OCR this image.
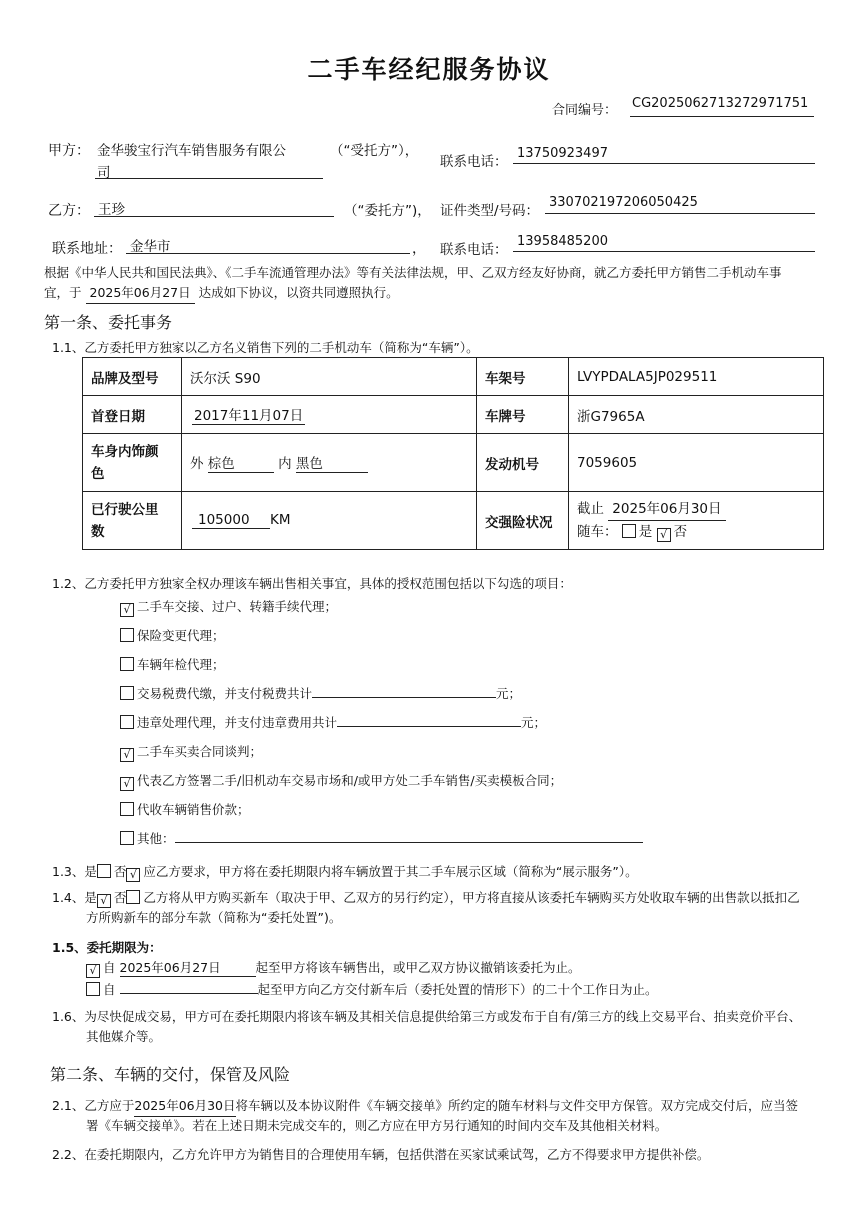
二手车经纪服务协议
合同编号： CG2025062713272971751
甲方： 金华骏宝行汽车销售服务有限公
司
（“受托方”），
联系电话：
13750923497
乙方： 王珍	（“委托方”)， 证件类型/号码：
330702197206050425
联系地址： 金华市	， 联系电话：
13958485200
根据《中华人民共和国民法典》、《二手车流通管理办法》等有关法律法规，甲、乙双方经友好协商，就乙方委托甲方销售二手机动车事
宜，于 2025年06月27日 达成如下协议，以资共同遵照执行。
第一条、委托事务
1.1、乙方委托甲方独家以乙方名义销售下列的二手机动车（简称为“车辆”）。
品牌及型号	沃尔沃 S90	车架号	LVYPDALA5JP029511
首登日期	2017年11月07日	车牌号	浙G7965A
车身内饰颜
色	外 棕色 内 黑色	发动机号	7059605
已行驶公里
数	105000 KM	交强险状况	截止 2025年06月30日
随车： 是 √ 否
1.2、乙方委托甲方独家全权办理该车辆出售相关事宜，具体的授权范围包括以下勾选的项目：
√ 二手车交接、过户、转籍手续代理；
保险变更代理；
车辆年检代理；
交易税费代缴，并支付税费共计	元；
违章处理代理，并支付违章费用共计	元；
√ 二手车买卖合同谈判；
√ 代表乙方签署二手/旧机动车交易市场和/或甲方处二手车销售/买卖模板合同；
代收车辆销售价款；
其他：
1.3、是 否 √ 应乙方要求，甲方将在委托期限内将车辆放置于其二手车展示区域（简称为“展示服务”）。
1.4、是 √ 否 乙方将从甲方购买新车（取决于甲、乙双方的另行约定），甲方将直接从该委托车辆购买方处收取车辆的出售款以抵扣乙
方所购新车的部分车款（简称为“委托处置”)。
1.5、委托期限为：
√ 自 2025年06月27日	起至甲方将该车辆售出，或甲乙双方协议撤销该委托为止。
自	起至甲方向乙方交付新车后（委托处置的情形下）的二十个工作日为止。
1.6、为尽快促成交易，甲方可在委托期限内将该车辆及其相关信息提供给第三方或发布于自有/第三方的线上交易平台、拍卖竞价平台、
其他媒介等。
第二条、车辆的交付，保管及风险
2.1、乙方应于2025年06月30日将车辆以及本协议附件《车辆交接单》所约定的随车材料与文件交甲方保管。双方完成交付后，应当签
署《车辆交接单》。若在上述日期未完成交车的，则乙方应在甲方另行通知的时间内交车及其他相关材料。
2.2、在委托期限内，乙方允许甲方为销售目的合理使用车辆，包括供潜在买家试乘试驾，乙方不得要求甲方提供补偿。
